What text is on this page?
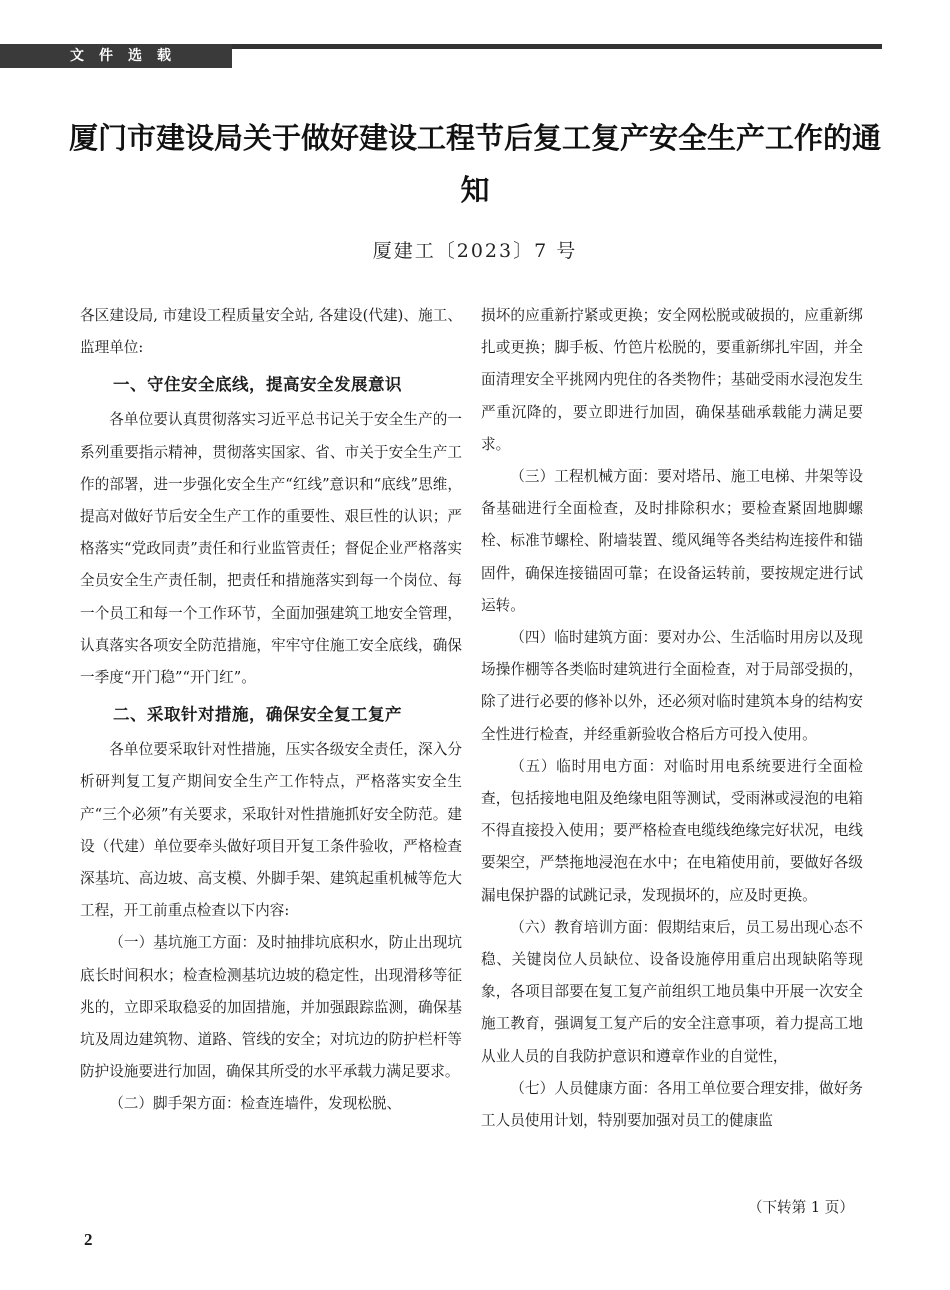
文件选载
厦门市建设局关于做好建设工程节后复工复产安全生产工作的通知
厦建工〔2023〕7 号

各区建设局, 市建设工程质量安全站, 各建设(代建)、施工、监理单位:

一、守住安全底线，提高安全发展意识

各单位要认真贯彻落实习近平总书记关于安全生产的一系列重要指示精神，贯彻落实国家、省、市关于安全生产工作的部署，进一步强化安全生产“红线”意识和“底线”思维，提高对做好节后安全生产工作的重要性、艰巨性的认识；严格落实“党政同责”责任和行业监管责任；督促企业严格落实全员安全生产责任制，把责任和措施落实到每一个岗位、每一个员工和每一个工作环节，全面加强建筑工地安全管理，认真落实各项安全防范措施，牢牢守住施工安全底线，确保一季度“开门稳”“开门红”。

二、采取针对措施，确保安全复工复产

各单位要采取针对性措施，压实各级安全责任，深入分析研判复工复产期间安全生产工作特点，严格落实安全生产“三个必须”有关要求，采取针对性措施抓好安全防范。建设（代建）单位要牵头做好项目开复工条件验收，严格检查深基坑、高边坡、高支模、外脚手架、建筑起重机械等危大工程，开工前重点检查以下内容:

（一）基坑施工方面：及时抽排坑底积水，防止出现坑底长时间积水；检查检测基坑边坡的稳定性，出现滑移等征兆的，立即采取稳妥的加固措施，并加强跟踪监测，确保基坑及周边建筑物、道路、管线的安全；对坑边的防护栏杆等防护设施要进行加固，确保其所受的水平承载力满足要求。

（二）脚手架方面：检查连墙件，发现松脱、

损坏的应重新拧紧或更换；安全网松脱或破损的，应重新绑扎或更换；脚手板、竹笆片松脱的，要重新绑扎牢固，并全面清理安全平挑网内兜住的各类物件；基础受雨水浸泡发生严重沉降的，要立即进行加固，确保基础承载能力满足要求。

（三）工程机械方面：要对塔吊、施工电梯、井架等设备基础进行全面检查，及时排除积水；要检查紧固地脚螺栓、标准节螺栓、附墙装置、缆风绳等各类结构连接件和锚固件，确保连接锚固可靠；在设备运转前，要按规定进行试运转。

（四）临时建筑方面：要对办公、生活临时用房以及现场操作棚等各类临时建筑进行全面检查，对于局部受损的，除了进行必要的修补以外，还必须对临时建筑本身的结构安全性进行检查，并经重新验收合格后方可投入使用。

（五）临时用电方面：对临时用电系统要进行全面检查，包括接地电阻及绝缘电阻等测试，受雨淋或浸泡的电箱不得直接投入使用；要严格检查电缆线绝缘完好状况，电线要架空，严禁拖地浸泡在水中；在电箱使用前，要做好各级漏电保护器的试跳记录，发现损坏的，应及时更换。

（六）教育培训方面：假期结束后，员工易出现心态不稳、关键岗位人员缺位、设备设施停用重启出现缺陷等现象，各项目部要在复工复产前组织工地员集中开展一次安全施工教育，强调复工复产后的安全注意事项，着力提高工地从业人员的自我防护意识和遵章作业的自觉性，

（七）人员健康方面：各用工单位要合理安排，做好务工人员使用计划，特别要加强对员工的健康监

（下转第 1 页）
2
